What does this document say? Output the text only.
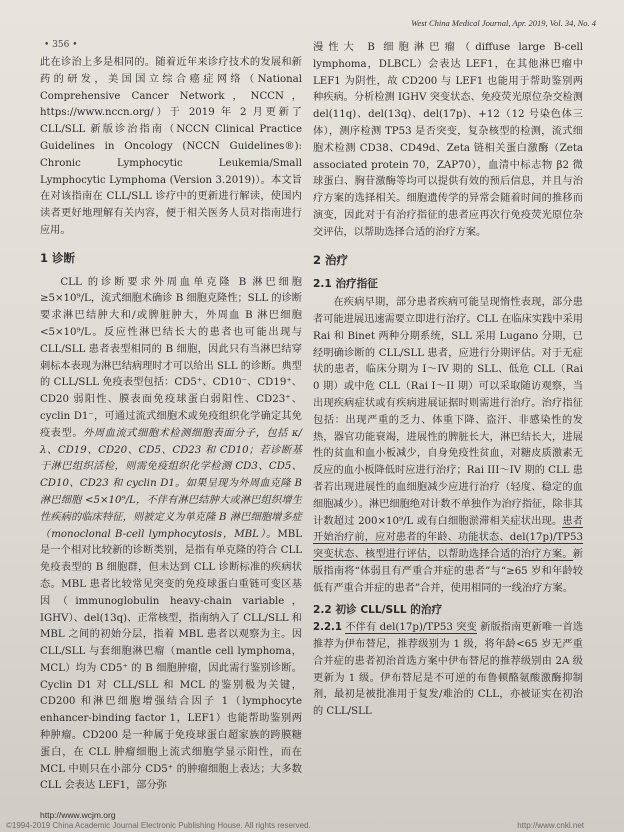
• 356 •
West China Medical Journal, Apr. 2019, Vol. 34, No. 4

此在诊治上多是相同的。随着近年来诊疗技术的发展和新药的研发，美国国立综合癌症网络（National Comprehensive Cancer Network，NCCN，https://www.nccn.org/）于 2019 年 2 月更新了 CLL/SLL 新版诊治指南（NCCN Clinical Practice Guidelines in Oncology (NCCN Guidelines®): Chronic Lymphocytic Leukemia/Small Lymphocytic Lymphoma (Version 3.2019)）。本文旨在对该指南在 CLL/SLL 诊疗中的更新进行解读，使国内读者更好地理解有关内容，便于相关医务人员对指南进行应用。

1 诊断

CLL 的诊断要求外周血单克隆 B 淋巴细胞≥5×10⁹/L，流式细胞术确诊 B 细胞克隆性；SLL 的诊断要求淋巴结肿大和/或脾脏肿大，外周血 B 淋巴细胞<5×10⁹/L。反应性淋巴结长大的患者也可能出现与 CLL/SLL 患者表型相同的 B 细胞，因此只有当淋巴结穿刺标本表现为淋巴结病理时才可以给出 SLL 的诊断。典型的 CLL/SLL 免疫表型包括：CD5⁺、CD10⁻、CD19⁺、CD20 弱阳性、膜表面免疫球蛋白弱阳性、CD23⁺、cyclin D1⁻，可通过流式细胞术或免疫组织化学确定其免疫表型。外周血流式细胞术检测细胞表面分子，包括 κ/λ、CD19、CD20、CD5、CD23 和 CD10；若诊断基于淋巴组织活检，则需免疫组织化学检测 CD3、CD5、CD10、CD23 和 cyclin D1。如果呈现为外周血克隆 B 淋巴细胞 <5×10⁹/L，不伴有淋巴结肿大或淋巴组织增生性疾病的临床特征，则被定义为单克隆 B 淋巴细胞增多症（monoclonal B-cell lymphocytosis，MBL）。MBL 是一个相对比较新的诊断类别，是指有单克隆的符合 CLL 免疫表型的 B 细胞群，但未达到 CLL 诊断标准的疾病状态。MBL 患者比较常见突变的免疫球蛋白重链可变区基因（immunoglobulin heavy-chain variable，IGHV）、del(13q)、正常核型，指南纳入了 CLL/SLL 和 MBL 之间的初始分层，指着 MBL 患者以观察为主。因 CLL/SLL 与套细胞淋巴瘤（mantle cell lymphoma，MCL）均为 CD5⁺ 的 B 细胞肿瘤，因此需行鉴别诊断。Cyclin D1 对 CLL/SLL 和 MCL 的鉴别极为关键，CD200 和淋巴细胞增强结合因子 1（lymphocyte enhancer-binding factor 1，LEF1）也能帮助鉴别两种肿瘤。CD200 是一种属于免疫球蛋白超家族的跨膜糖蛋白，在 CLL 肿瘤细胞上流式细胞学显示阳性，而在 MCL 中则只在小部分 CD5⁺ 的肿瘤细胞上表达；大多数 CLL 会表达 LEF1，部分弥

漫性大 B 细胞淋巴瘤（diffuse large B-cell lymphoma，DLBCL）会表达 LEF1，在其他淋巴瘤中 LEF1 为阴性，故 CD200 与 LEF1 也能用于帮助鉴别两种疾病。分析检测 IGHV 突变状态、免疫荧光原位杂交检测 del(11q)、del(13q)、del(17p)、+12（12 号染色体三体），测序检测 TP53 是否突变，复杂核型的检测，流式细胞术检测 CD38、CD49d、Zeta 链相关蛋白激酶（Zeta associated protein 70，ZAP70），血清中标志物 β2 微球蛋白、胸苷激酶等均可以提供有效的预后信息，并且与治疗方案的选择相关。细胞遗传学的异常会随着时间的推移而演变，因此对于有治疗指征的患者应再次行免疫荧光原位杂交评估，以帮助选择合适的治疗方案。

2 治疗
2.1 治疗指征

在疾病早期，部分患者疾病可能呈现惰性表现，部分患者可能进展迅速需要立即进行治疗。CLL 在临床实践中采用 Rai 和 Binet 两种分期系统，SLL 采用 Lugano 分期，已经明确诊断的 CLL/SLL 患者，应进行分期评估。对于无症状的患者，临床分期为 I～IV 期的 SLL、低危 CLL（Rai 0 期）或中危 CLL（Rai I～II 期）可以采取随访观察，当出现疾病症状或有疾病进展证据时则需进行治疗。治疗指征包括：出现严重的乏力、体重下降、盗汗、非感染性的发热，器官功能衰竭，进展性的脾脏长大，淋巴结长大，进展性的贫血和血小板减少，自身免疫性贫血，对糖皮质激素无反应的血小板降低时应进行治疗；Rai III～IV 期的 CLL 患者若出现进展性的血细胞减少应进行治疗（轻度、稳定的血细胞减少）。淋巴细胞绝对计数不单独作为治疗指征，除非其计数超过 200×10⁹/L 或有白细胞淤滞相关症状出现。患者开始治疗前，应对患者的年龄、功能状态、del(17p)/TP53 突变状态、核型进行评估，以帮助选择合适的治疗方案。新版指南将“体弱且有严重合并症的患者”与“≥65 岁和年龄较低有严重合并症的患者”合并，使用相同的一线治疗方案。

2.2 初诊 CLL/SLL 的治疗

2.2.1 不伴有 del(17p)/TP53 突变 新版指南更新唯一首选推荐为伊布替尼，推荐级别为 1 级，将年龄<65 岁无严重合并症的患者初治首选方案中伊布替尼的推荐级别由 2A 级更新为 1 级。伊布替尼是不可逆的布鲁顿酪氨酸激酶抑制剂，最初是被批准用于复发/难治的 CLL，亦被证实在初治的 CLL/SLL

http://www.wcjm.org
©1994-2019 China Academic Journal Electronic Publishing House. All rights reserved.	http://www.cnki.net
